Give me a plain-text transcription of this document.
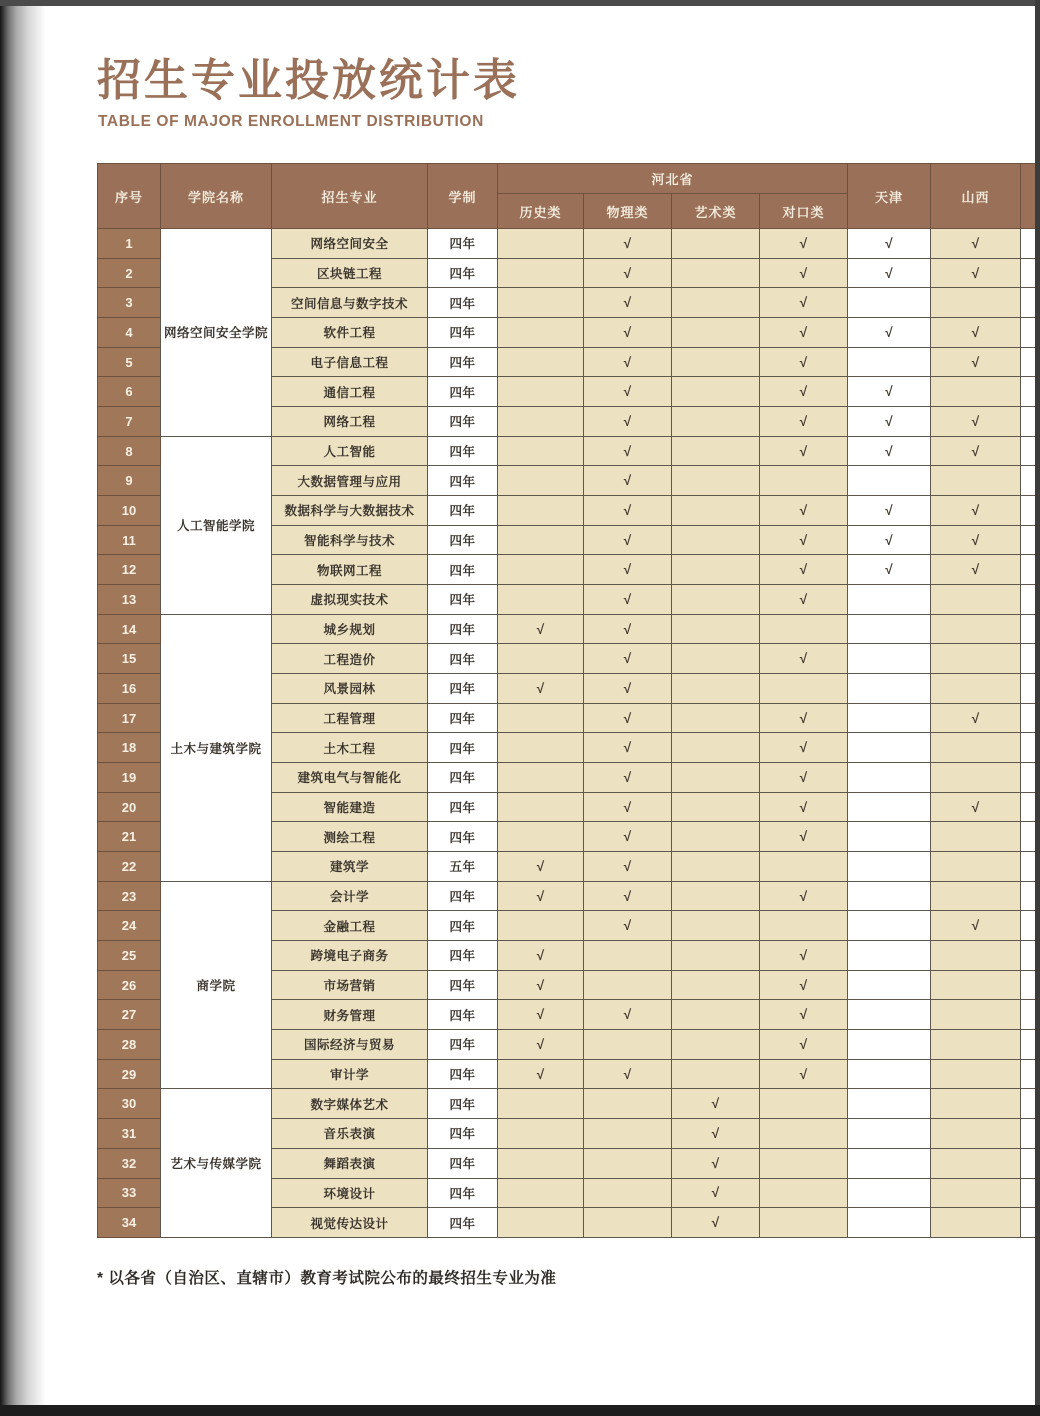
招生专业投放统计表
TABLE OF MAJOR ENROLLMENT DISTRIBUTION
序号	学院名称	招生专业	学制	河北省				天津	山西	
				历史类	物理类	艺术类	对口类			
1	网络空间安全学院	网络空间安全	四年		√		√	√	√	
2		区块链工程	四年		√		√	√	√	
3		空间信息与数字技术	四年		√		√			
4		软件工程	四年		√		√	√	√	
5		电子信息工程	四年		√		√		√	
6		通信工程	四年		√		√	√		
7		网络工程	四年		√		√	√	√	
8	人工智能学院	人工智能	四年		√		√	√	√	
9		大数据管理与应用	四年		√					
10		数据科学与大数据技术	四年		√		√	√	√	
11		智能科学与技术	四年		√		√	√	√	
12		物联网工程	四年		√		√	√	√	
13		虚拟现实技术	四年		√		√			
14	土木与建筑学院	城乡规划	四年	√	√					
15		工程造价	四年		√		√			
16		风景园林	四年	√	√					
17		工程管理	四年		√		√		√	
18		土木工程	四年		√		√			
19		建筑电气与智能化	四年		√		√			
20		智能建造	四年		√		√		√	
21		测绘工程	四年		√		√			
22		建筑学	五年	√	√					
23	商学院	会计学	四年	√	√		√			
24		金融工程	四年		√				√	
25		跨境电子商务	四年	√			√			
26		市场营销	四年	√			√			
27		财务管理	四年	√	√		√			
28		国际经济与贸易	四年	√			√			
29		审计学	四年	√	√		√			
30	艺术与传媒学院	数字媒体艺术	四年			√				
31		音乐表演	四年			√				
32		舞蹈表演	四年			√				
33		环境设计	四年			√				
34		视觉传达设计	四年			√				
* 以各省（自治区、直辖市）教育考试院公布的最终招生专业为准
